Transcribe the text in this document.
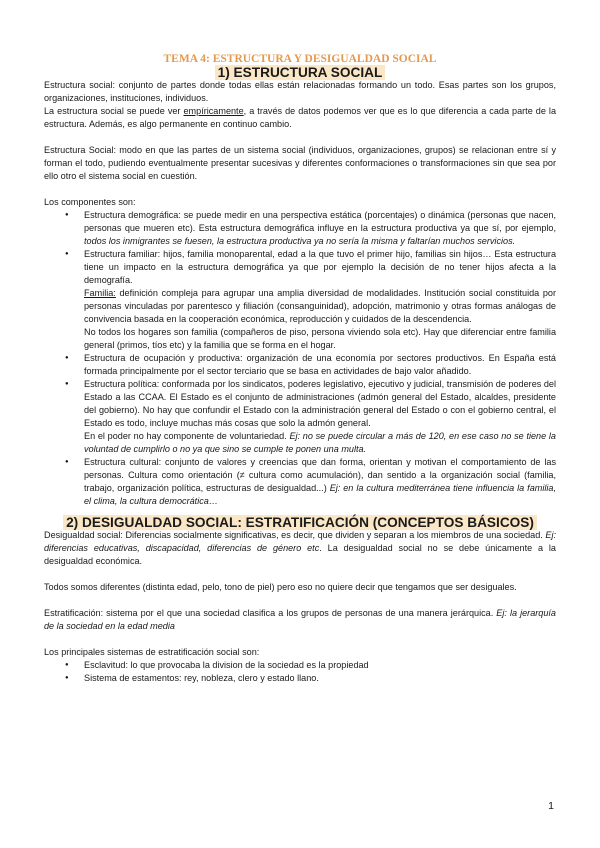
TEMA 4: ESTRUCTURA Y DESIGUALDAD SOCIAL
1) ESTRUCTURA SOCIAL

Estructura social: conjunto de partes donde todas ellas están relacionadas formando un todo. Esas partes son los grupos, organizaciones, instituciones, individuos.

La estructura social se puede ver empíricamente, a través de datos podemos ver que es lo que diferencia a cada parte de la estructura. Además, es algo permanente en continuo cambio.

Estructura Social: modo en que las partes de un sistema social (individuos, organizaciones, grupos) se relacionan entre sí y forman el todo, pudiendo eventualmente presentar sucesivas y diferentes conformaciones o transformaciones sin que sea por ello otro el sistema social en cuestión.

Los componentes son:

● Estructura demográfica: se puede medir en una perspectiva estática (porcentajes) o dinámica (personas que nacen, personas que mueren etc). Esta estructura demográfica influye en la estructura productiva ya que sí, por ejemplo, todos los inmigrantes se fuesen, la estructura productiva ya no sería la misma y faltarían muchos servicios.

● Estructura familiar: hijos, familia monoparental, edad a la que tuvo el primer hijo, familias sin hijos… Esta estructura tiene un impacto en la estructura demográfica ya que por ejemplo la decisión de no tener hijos afecta a la demografía.

Familia: definición compleja para agrupar una amplia diversidad de modalidades. Institución social constituida por personas vinculadas por parentesco y filiación (consanguinidad), adopción, matrimonio y otras formas análogas de convivencia basada en la cooperación económica, reproducción y cuidados de la descendencia.

No todos los hogares son familia (compañeros de piso, persona viviendo sola etc). Hay que diferenciar entre familia general (primos, tíos etc) y la familia que se forma en el hogar.

● Estructura de ocupación y productiva: organización de una economía por sectores productivos. En España está formada principalmente por el sector terciario que se basa en actividades de bajo valor añadido.

● Estructura política: conformada por los sindicatos, poderes legislativo, ejecutivo y judicial, transmisión de poderes del Estado a las CCAA. El Estado es el conjunto de administraciones (admón general del Estado, alcaldes, presidente del gobierno). No hay que confundir el Estado con la administración general del Estado o con el gobierno central, el Estado es todo, incluye muchas más cosas que solo la admón general.

En el poder no hay componente de voluntariedad. Ej: no se puede circular a más de 120, en ese caso no se tiene la voluntad de cumplirlo o no ya que sino se cumple te ponen una multa.

● Estructura cultural: conjunto de valores y creencias que dan forma, orientan y motivan el comportamiento de las personas. Cultura como orientación (≠ cultura como acumulación), dan sentido a la organización social (familia, trabajo, organización política, estructuras de desigualdad...) Ej: en la cultura mediterránea tiene influencia la familia, el clima, la cultura democrática…
2) DESIGUALDAD SOCIAL: ESTRATIFICACIÓN (CONCEPTOS BÁSICOS)

Desigualdad social: Diferencias socialmente significativas, es decir, que dividen y separan a los miembros de una sociedad. Ej: diferencias educativas, discapacidad, diferencias de género etc. La desigualdad social no se debe únicamente a la desigualdad económica.

Todos somos diferentes (distinta edad, pelo, tono de piel) pero eso no quiere decir que tengamos que ser desiguales.

Estratificación: sistema por el que una sociedad clasifica a los grupos de personas de una manera jerárquica. Ej: la jerarquía de la sociedad en la edad media

Los principales sistemas de estratificación social son:

● Esclavitud: lo que provocaba la division de la sociedad es la propiedad
● Sistema de estamentos: rey, nobleza, clero y estado llano.
1
